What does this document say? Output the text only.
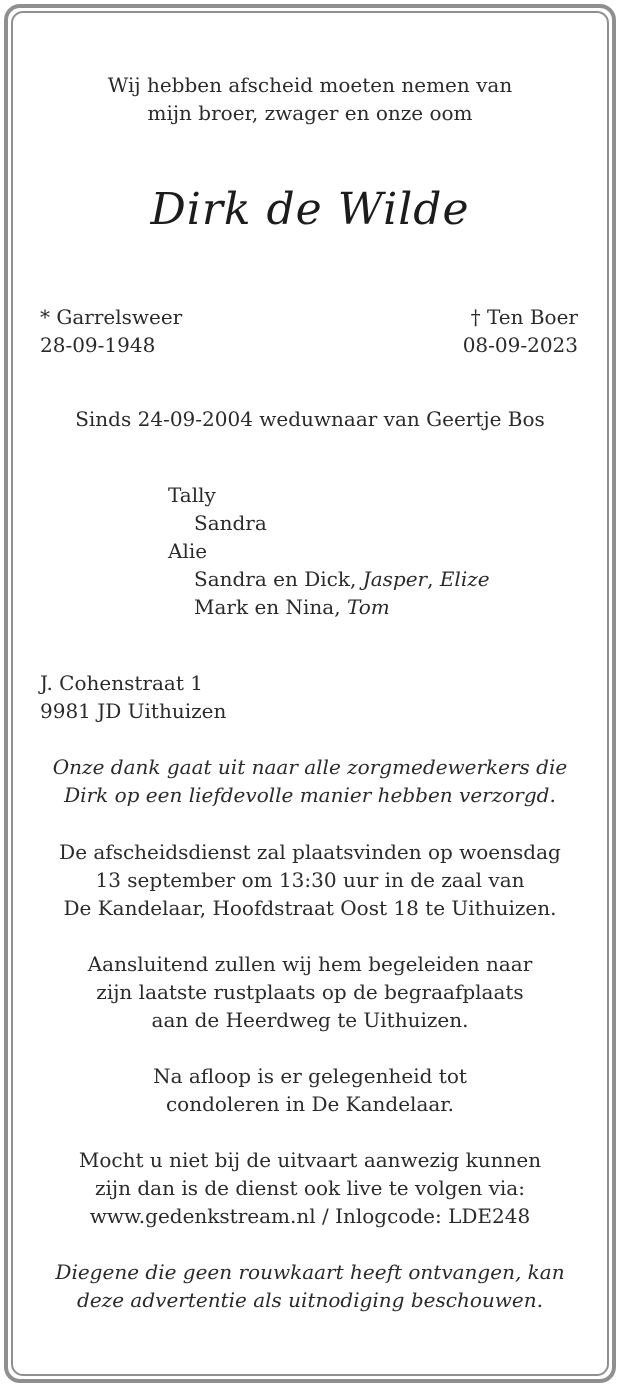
Wij hebben afscheid moeten nemen van
mijn broer, zwager en onze oom
Dirk de Wilde
* Garrelsweer
28-09-1948
† Ten Boer
08-09-2023
Sinds 24-09-2004 weduwnaar van Geertje Bos
Tally
Sandra
Alie
Sandra en Dick, Jasper, Elize
Mark en Nina, Tom
J. Cohenstraat 1
9981 JD Uithuizen
Onze dank gaat uit naar alle zorgmedewerkers die
Dirk op een liefdevolle manier hebben verzorgd.
De afscheidsdienst zal plaatsvinden op woensdag
13 september om 13:30 uur in de zaal van
De Kandelaar, Hoofdstraat Oost 18 te Uithuizen.
Aansluitend zullen wij hem begeleiden naar
zijn laatste rustplaats op de begraafplaats
aan de Heerdweg te Uithuizen.
Na afloop is er gelegenheid tot
condoleren in De Kandelaar.
Mocht u niet bij de uitvaart aanwezig kunnen
zijn dan is de dienst ook live te volgen via:
www.gedenkstream.nl / Inlogcode: LDE248
Diegene die geen rouwkaart heeft ontvangen, kan
deze advertentie als uitnodiging beschouwen.
